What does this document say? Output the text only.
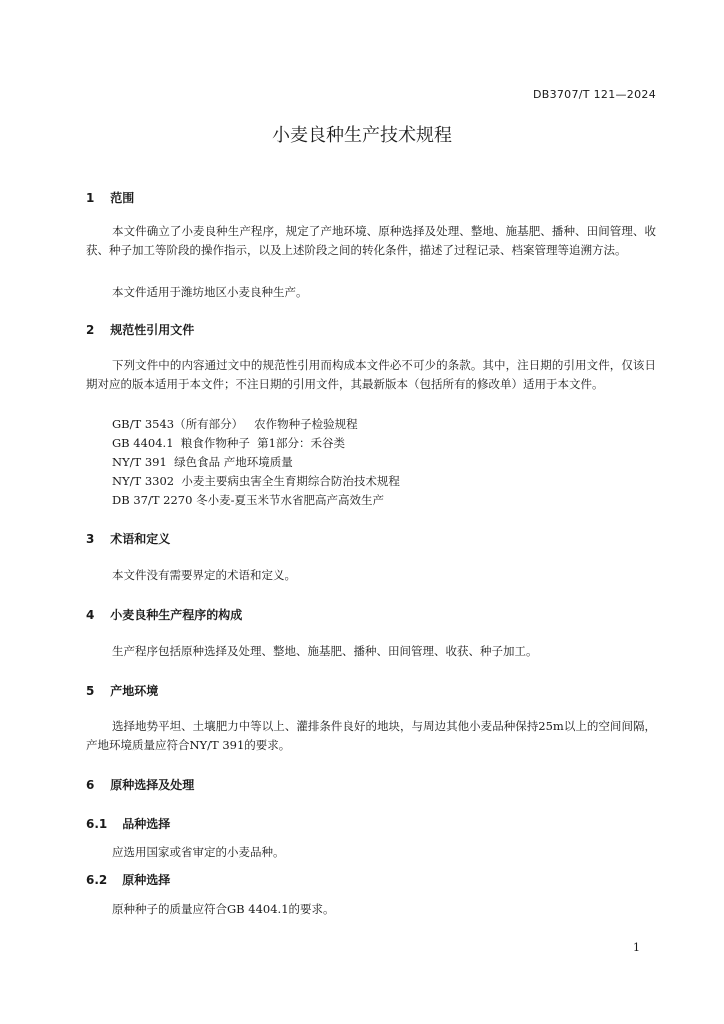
DB3707/T 121—2024
小麦良种生产技术规程
1 范围
本文件确立了小麦良种生产程序，规定了产地环境、原种选择及处理、整地、施基肥、播种、田间管理、收获、种子加工等阶段的操作指示，以及上述阶段之间的转化条件，描述了过程记录、档案管理等追溯方法。
本文件适用于潍坊地区小麦良种生产。
2 规范性引用文件
下列文件中的内容通过文中的规范性引用而构成本文件必不可少的条款。其中，注日期的引用文件，仅该日期对应的版本适用于本文件；不注日期的引用文件，其最新版本（包括所有的修改单）适用于本文件。
GB/T 3543（所有部分）   农作物种子检验规程
GB 4404.1  粮食作物种子  第1部分：禾谷类
NY/T 391  绿色食品 产地环境质量
NY/T 3302  小麦主要病虫害全生育期综合防治技术规程
DB 37/T 2270 冬小麦-夏玉米节水省肥高产高效生产
3 术语和定义
本文件没有需要界定的术语和定义。
4 小麦良种生产程序的构成
生产程序包括原种选择及处理、整地、施基肥、播种、田间管理、收获、种子加工。
5 产地环境
选择地势平坦、土壤肥力中等以上、灌排条件良好的地块，与周边其他小麦品种保持25m以上的空间间隔，产地环境质量应符合NY/T 391的要求。
6 原种选择及处理
6.1 品种选择
应选用国家或省审定的小麦品种。
6.2 原种选择
原种种子的质量应符合GB 4404.1的要求。
1
